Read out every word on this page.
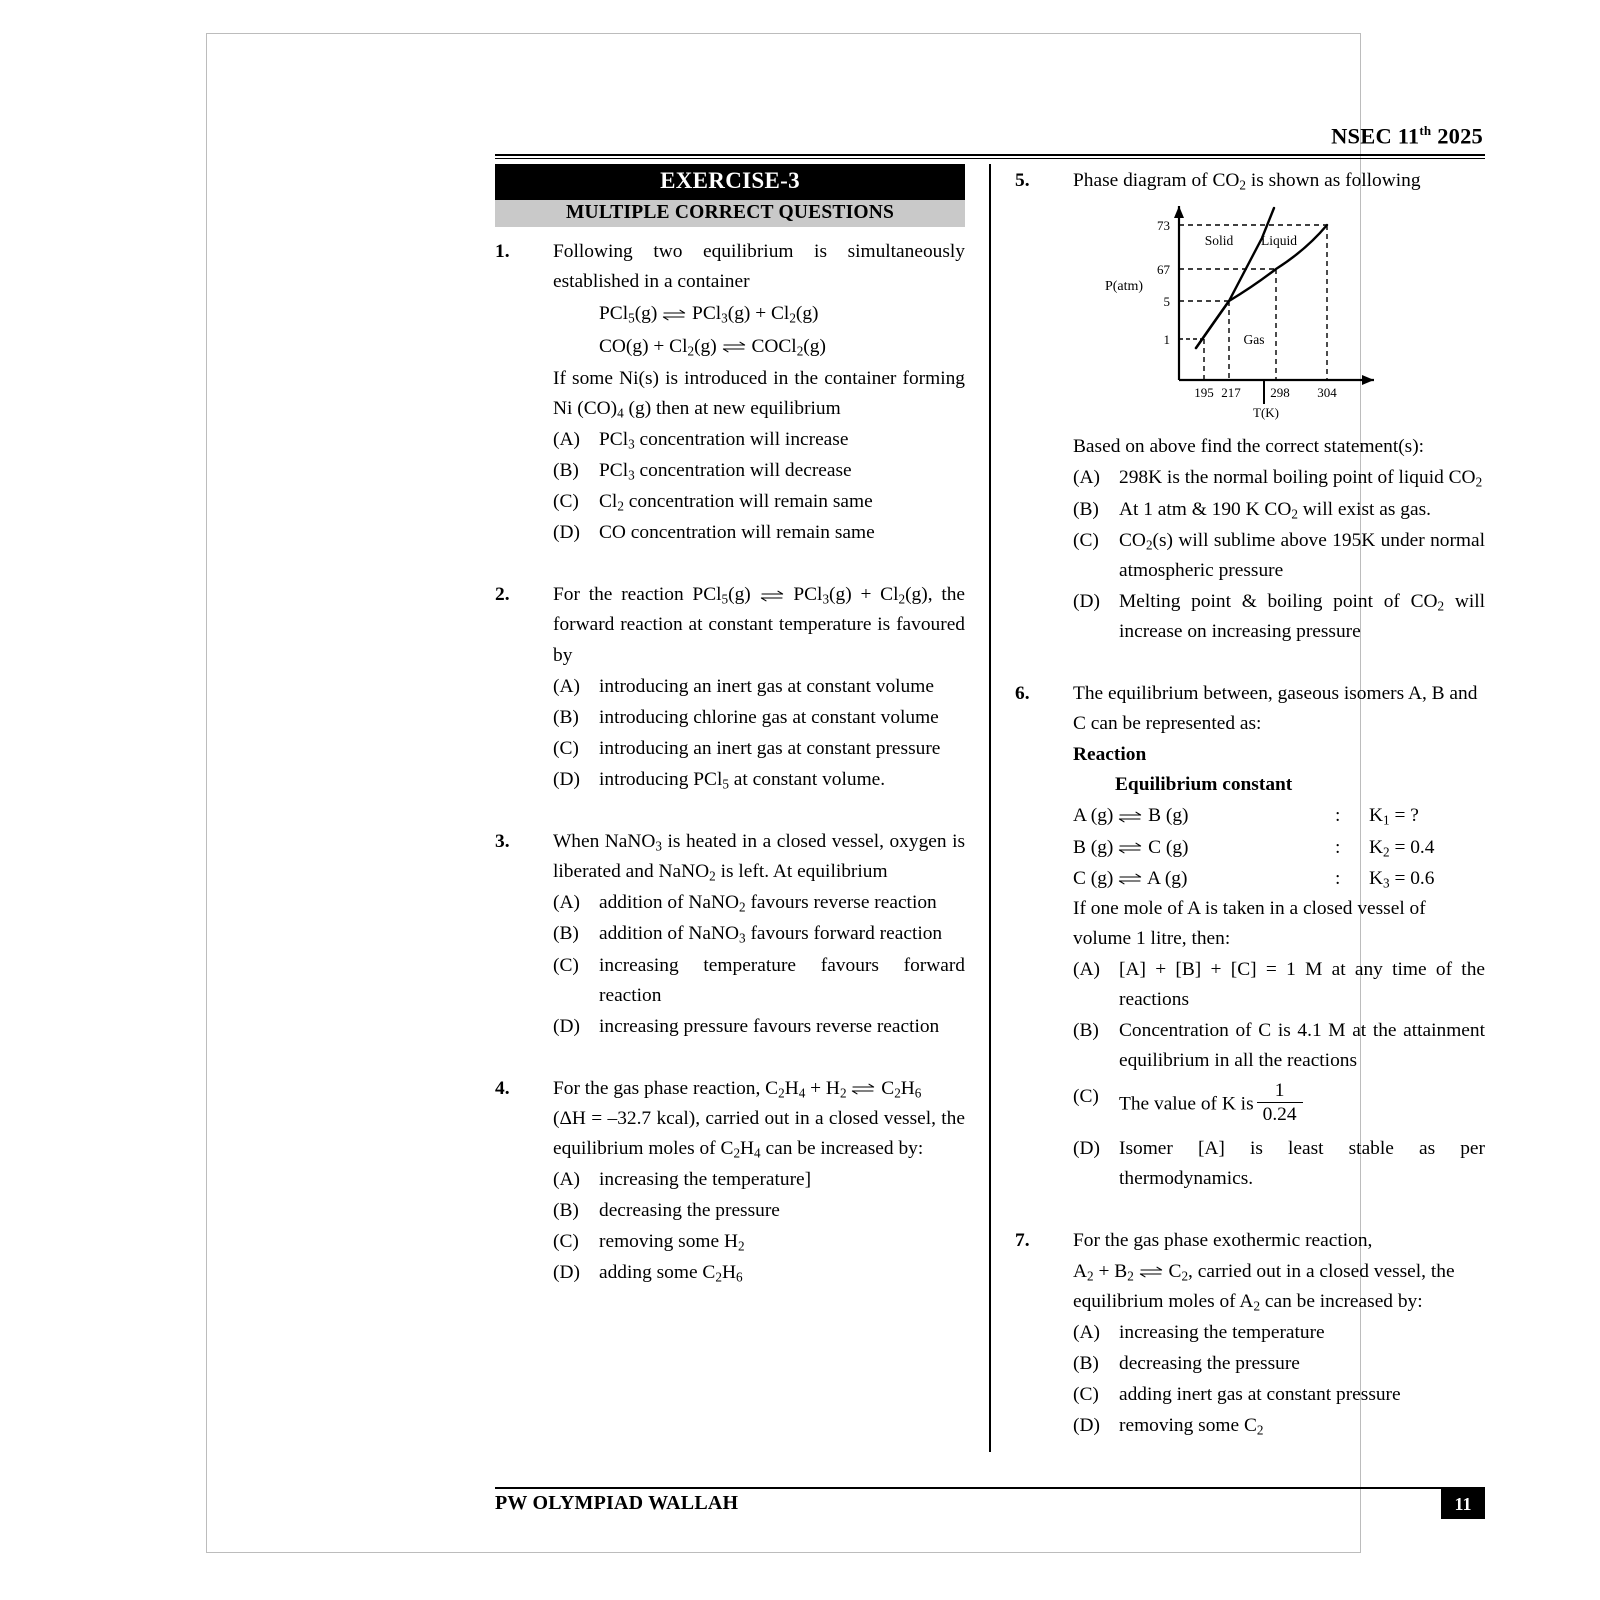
NSEC 11th 2025
EXERCISE-3
MULTIPLE CORRECT QUESTIONS
1.	Following two equilibrium is simultaneously established in a container
PCl$_5$(g) ⇌ $PCl_3(g) + Cl_2(g)$
$CO(g) + Cl_2(g)$ ⇌ COCl$_2$(g)
If some Ni(s) is introduced in the container forming Ni $(CO)_4$ (g) then at new equilibrium
(A) PCl$_3$ concentration will increase
(B)	PCl$_3$ concentration will decrease
(C)	$Cl_2$ concentration will remain same
(D) CO concentration will remain same
2.	For the reaction PCl$_5$(g) ⇌ $PCl_3(g) + Cl_2(g)$, the forward reaction at constant temperature is favoured by
(A) introducing an inert gas at constant volume
(B)	introducing chlorine gas at constant volume
(C)	introducing an inert gas at constant pressure
(D) introducing PCl$_5$ at constant volume.
3.	When NaNO$_3$ is heated in a closed vessel, oxygen is liberated and NaNO$_2$ is left. At equilibrium
(A) addition of NaNO$_2$ favours reverse reaction
(B)	addition of NaNO$_3$ favours forward reaction
(C)	increasing temperature favours forward reaction
(D) increasing pressure favours reverse reaction
4.	For the gas phase reaction, $C_2H_4 + H_2$ ⇌ $C_2H_6$
(ΔH = –32.7 kcal), carried out in a closed vessel, the equilibrium moles of $C_2H_4$ can be increased by:
(A) increasing the temperature]
(B)	decreasing the pressure
(C)	removing some $H_2$
(D) adding some $C_2H_6$
5.	Phase diagram of $CO_2$ is shown as following
73
67
5
1
P(atm)
Solid Liquid
Gas
195 217 298 304
T(K)
Based on above find the correct statement(s):
(A) 298K is the normal boiling point of liquid $CO_2$
(B)	At 1 atm & 190 K $CO_2$ will exist as gas.
(C)	$CO_2(s)$ will sublime above 195K under normal atmospheric pressure
(D) Melting point & boiling point of $CO_2$ will increase on increasing pressure
6.	The equilibrium between, gaseous isomers A, B and C can be represented as:
Reaction
Equilibrium constant
A (g) ⇌ B (g)	:	$K_1$ = ?
B (g) ⇌ C (g)	:	$K_2 = 0.4$
C (g) ⇌ A (g)	:	$K_3 = 0.6$
If one mole of A is taken in a closed vessel of volume 1 litre, then:
(A) [A] + [B] + [C] = 1 M at any time of the reactions
(B)	Concentration of C is 4.1 M at the attainment equilibrium in all the reactions
(C)	The value of K is $\frac{1}{0.24}$
(D) Isomer [A] is least stable as per thermodynamics.
7.	For the gas phase exothermic reaction,
$A_2 + B_2$ ⇌ $C_2$, carried out in a closed vessel, the equilibrium moles of $A_2$ can be increased by:
(A) increasing the temperature
(B)	decreasing the pressure
(C)	adding inert gas at constant pressure
(D) removing some $C_2$
PW OLYMPIAD WALLAH	11
